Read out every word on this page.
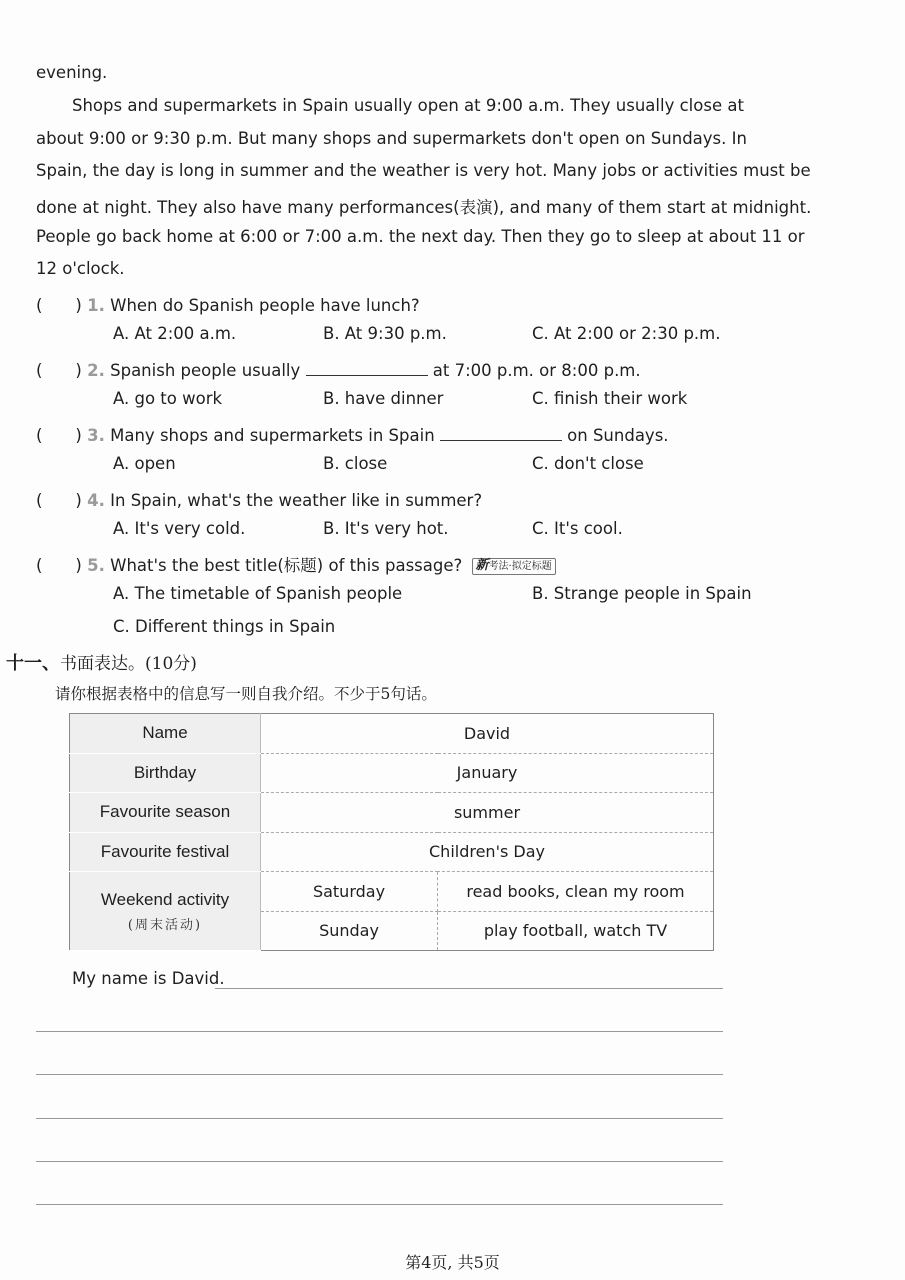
evening.
Shops and supermarkets in Spain usually open at 9:00 a.m. They usually close at
about 9:00 or 9:30 p.m. But many shops and supermarkets don't open on Sundays. In
Spain, the day is long in summer and the weather is very hot. Many jobs or activities must be
done at night. They also have many performances(表演), and many of them start at midnight.
People go back home at 6:00 or 7:00 a.m. the next day. Then they go to sleep at about 11 or
12 o'clock.
(　　) 1. When do Spanish people have lunch?
A. At 2:00 a.m.	B. At 9:30 p.m.	C. At 2:00 or 2:30 p.m.
(　　) 2. Spanish people usually	at 7:00 p.m. or 8:00 p.m.
A. go to work	B. have dinner	C. finish their work
(　　) 3. Many shops and supermarkets in Spain	on Sundays.
A. open	B. close	C. don't close
(　　) 4. In Spain, what's the weather like in summer?
A. It's very cold.	B. It's very hot.	C. It's cool.
(　　) 5. What's the best title(标题) of this passage? 新考法·拟定标题
A. The timetable of Spanish people	B. Strange people in Spain
C. Different things in Spain
十一、书面表达。(10分)
请你根据表格中的信息写一则自我介绍。不少于5句话。
Name	David	
Birthday	January	
Favourite season	summer	
Favourite festival	Children's Day	

Weekend activity
(周末活动)	Saturday	read books, clean my room
	Sunday	play football, watch TV
My name is David.
第4页, 共5页
